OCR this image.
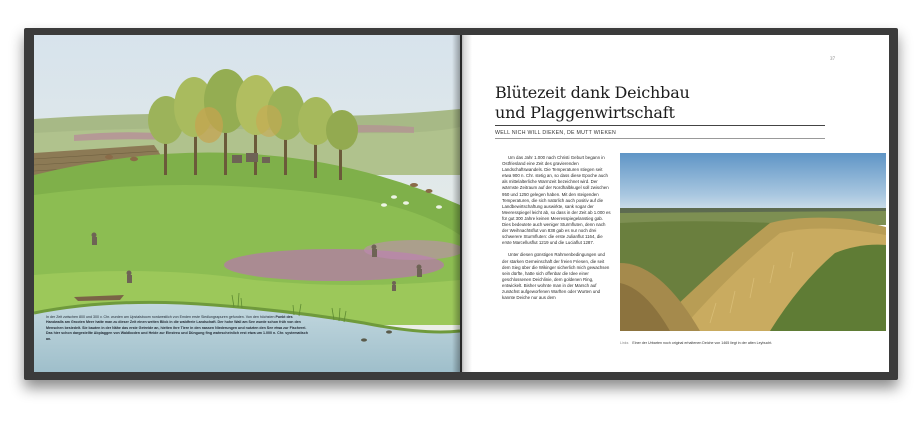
In der Zeit zwischen 800 und 300 v. Chr. wurden am Upstalsboom nordwestlich von Emden erste Siedlungsspuren gefunden. Von den höchsten Punkt des Handwalls am Grooten Meer hatte man zu dieser Zeit einen weiten Blick in die waldfreie Landschaft. Der hohe Wall am See wurde schon früh von den Menschen besiedelt. Sie bauten in der Nähe das erste Getreide an, hielten ihre Tiere in den nassen Niederungen und nutzten den See etwa zur Fischerei. Das hier schon dargestellte Abplaggen von Waldboden und Heide zur Einstreu und Düngung fing wahrscheinlich erst etwa um 1.000 n. Chr. systematisch an.
37
Blütezeit dank Deichbau
und Plaggenwirtschaft
WELL NICH WILL DIEKEN, DE MUTT WIEKEN

Um das Jahr 1.000 nach Christi Geburt begann in Ostfriesland eine Zeit des gravierenden Landschaftswandels. Die Temperaturen stiegen seit etwa 900 n. Chr. stetig an, so dass diese Epoche auch als mittelalterliche Warmzeit bezeichnet wird. Der wärmste Zeitraum auf der Nordhalbkugel soll zwischen 950 und 1250 gelegen haben. Mit den steigenden Temperaturen, die sich natürlich auch positiv auf die Landbewirtschaftung auswirkte, sank sogar der Meeresspiegel leicht ab, so dass in der Zeit ab 1.000 es für gut 300 Jahre keinen Meeresspiegelanstieg gab. Dies bedeutete auch weniger Sturmfluten, denn nach der Weihnachtsflut von 838 gab es nur noch drei schwerere Sturmfluten: die erste Julianflut 1164, die erste Marcellusflut 1219 und die Luciaflut 1287.

Unter diesen günstigen Rahmenbedingungen und der starken Gemeinschaft der freien Friesen, die seit dem Sieg über die Wikinger sicherlich mich gewachsen sein dürfte, hatte sich offenbar die Idee einer geschlossenen Deichlinie, dem goldenen Ring, entwickelt. Bisher wohnte man in der Marsch auf zunächst aufgeworfenen Warften oder Wurten und kannte Deiche nur aus dem

Links Einer der Urbarten noch original erhaltenen Deiche von 1465 liegt in der alten Leybucht.
